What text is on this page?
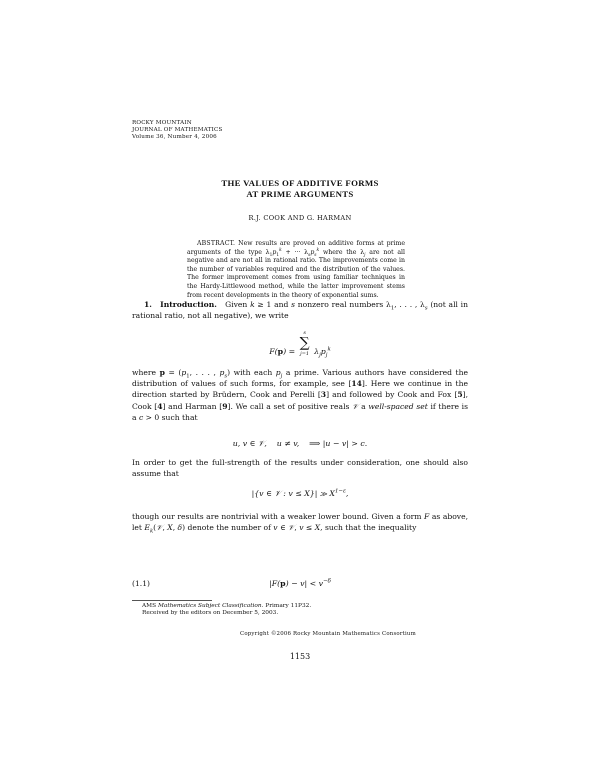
ROCKY MOUNTAIN
JOURNAL OF MATHEMATICS
Volume 36, Number 4, 2006
THE VALUES OF ADDITIVE FORMS
AT PRIME ARGUMENTS
R.J. COOK AND G. HARMAN
ABSTRACT. New results are proved on additive forms at prime arguments of the type $\lambda_1p_1^k$ + ··· $\lambda_sp_s^k$ where the $\lambda_j$ are not all negative and are not all in rational ratio. The improvements come in the number of variables required and the distribution of the values. The former improvement comes from using familiar techniques in the Hardy-Littlewood method, while the latter improvement stems from recent developments in the theory of exponential sums.

1. Introduction. Given k ≥ 1 and s nonzero real numbers $\lambda_1$, . . . , $\lambda_s$ (not all in rational ratio, not all negative), we write

F(p) =
s
∑
j=1 $\lambda_jp_j^k$

where $p = (p_1$, . . . , $p_s$) with each $p_j$ a prime. Various authors have considered the distribution of values of such forms, for example, see [14]. Here we continue in the direction started by Brüdern, Cook and Perelli [3] and followed by Cook and Fox [5], Cook [4] and Harman [9]. We call a set of positive reals 𝒱 a well-spaced set if there is a c > 0 such that

u, v ∈ 𝒱,    u ≠ v,    ⟹ |u − v| > c.

In order to get the full-strength of the results under consideration, one should also assume that

|{v ∈ 𝒱 : v ≤ X}| ≫ $X^{1-\varepsilon}$,

though our results are nontrivial with a weaker lower bound. Given a form F as above, let $E_k(𝒱$, X, δ) denote the number of v ∈ 𝒱, v ≤ X, such that the inequality

(1.1)	$|F(p) - v| < v^{-\delta}$
AMS Mathematics Subject Classification. Primary 11P32.
Received by the editors on December 5, 2003.
Copyright ©2006 Rocky Mountain Mathematics Consortium
1153
